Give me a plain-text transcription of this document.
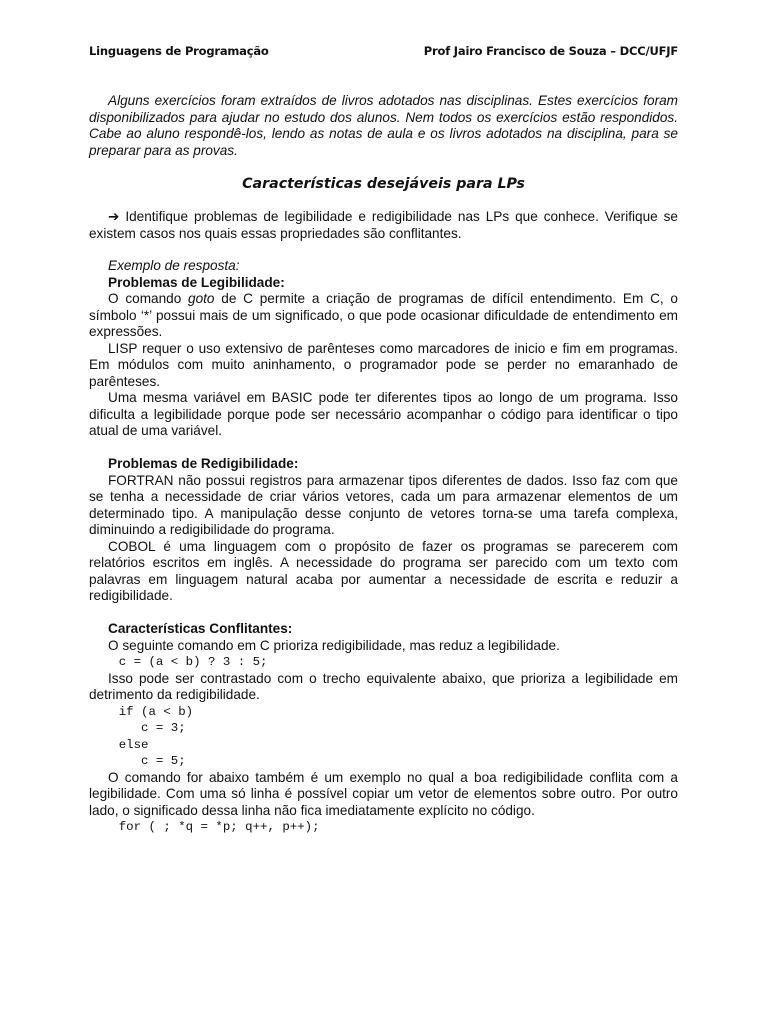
Linguagens de Programação	Prof Jairo Francisco de Souza – DCC/UFJF
Alguns exercícios foram extraídos de livros adotados nas disciplinas. Estes exercícios foram disponibilizados para ajudar no estudo dos alunos. Nem todos os exercícios estão respondidos. Cabe ao aluno respondê-los, lendo as notas de aula e os livros adotados na disciplina, para se preparar para as provas.
Características desejáveis para LPs
➔ Identifique problemas de legibilidade e redigibilidade nas LPs que conhece. Verifique se existem casos nos quais essas propriedades são conflitantes.

Exemplo de resposta:

Problemas de Legibilidade:

O comando goto de C permite a criação de programas de difícil entendimento. Em C, o símbolo ‘*’ possui mais de um significado, o que pode ocasionar dificuldade de entendimento em expressões.

LISP requer o uso extensivo de parênteses como marcadores de inicio e fim em programas. Em módulos com muito aninhamento, o programador pode se perder no emaranhado de parênteses.

Uma mesma variável em BASIC pode ter diferentes tipos ao longo de um programa. Isso dificulta a legibilidade porque pode ser necessário acompanhar o código para identificar o tipo atual de uma variável.

Problemas de Redigibilidade:

FORTRAN não possui registros para armazenar tipos diferentes de dados. Isso faz com que se tenha a necessidade de criar vários vetores, cada um para armazenar elementos de um determinado tipo. A manipulação desse conjunto de vetores torna-se uma tarefa complexa, diminuindo a redigibilidade do programa.

COBOL é uma linguagem com o propósito de fazer os programas se parecerem com relatórios escritos em inglês. A necessidade do programa ser parecido com um texto com palavras em linguagem natural acaba por aumentar a necessidade de escrita e reduzir a redigibilidade.

Características Conflitantes:

O seguinte comando em C prioriza redigibilidade, mas reduz a legibilidade.

c = (a < b) ? 3 : 5;

Isso pode ser contrastado com o trecho equivalente abaixo, que prioriza a legibilidade em detrimento da redigibilidade.

if (a < b)
c = 3;
else
c = 5;

O comando for abaixo também é um exemplo no qual a boa redigibilidade conflita com a legibilidade. Com uma só linha é possível copiar um vetor de elementos sobre outro. Por outro lado, o significado dessa linha não fica imediatamente explícito no código.

for ( ; *q = *p; q++, p++);
